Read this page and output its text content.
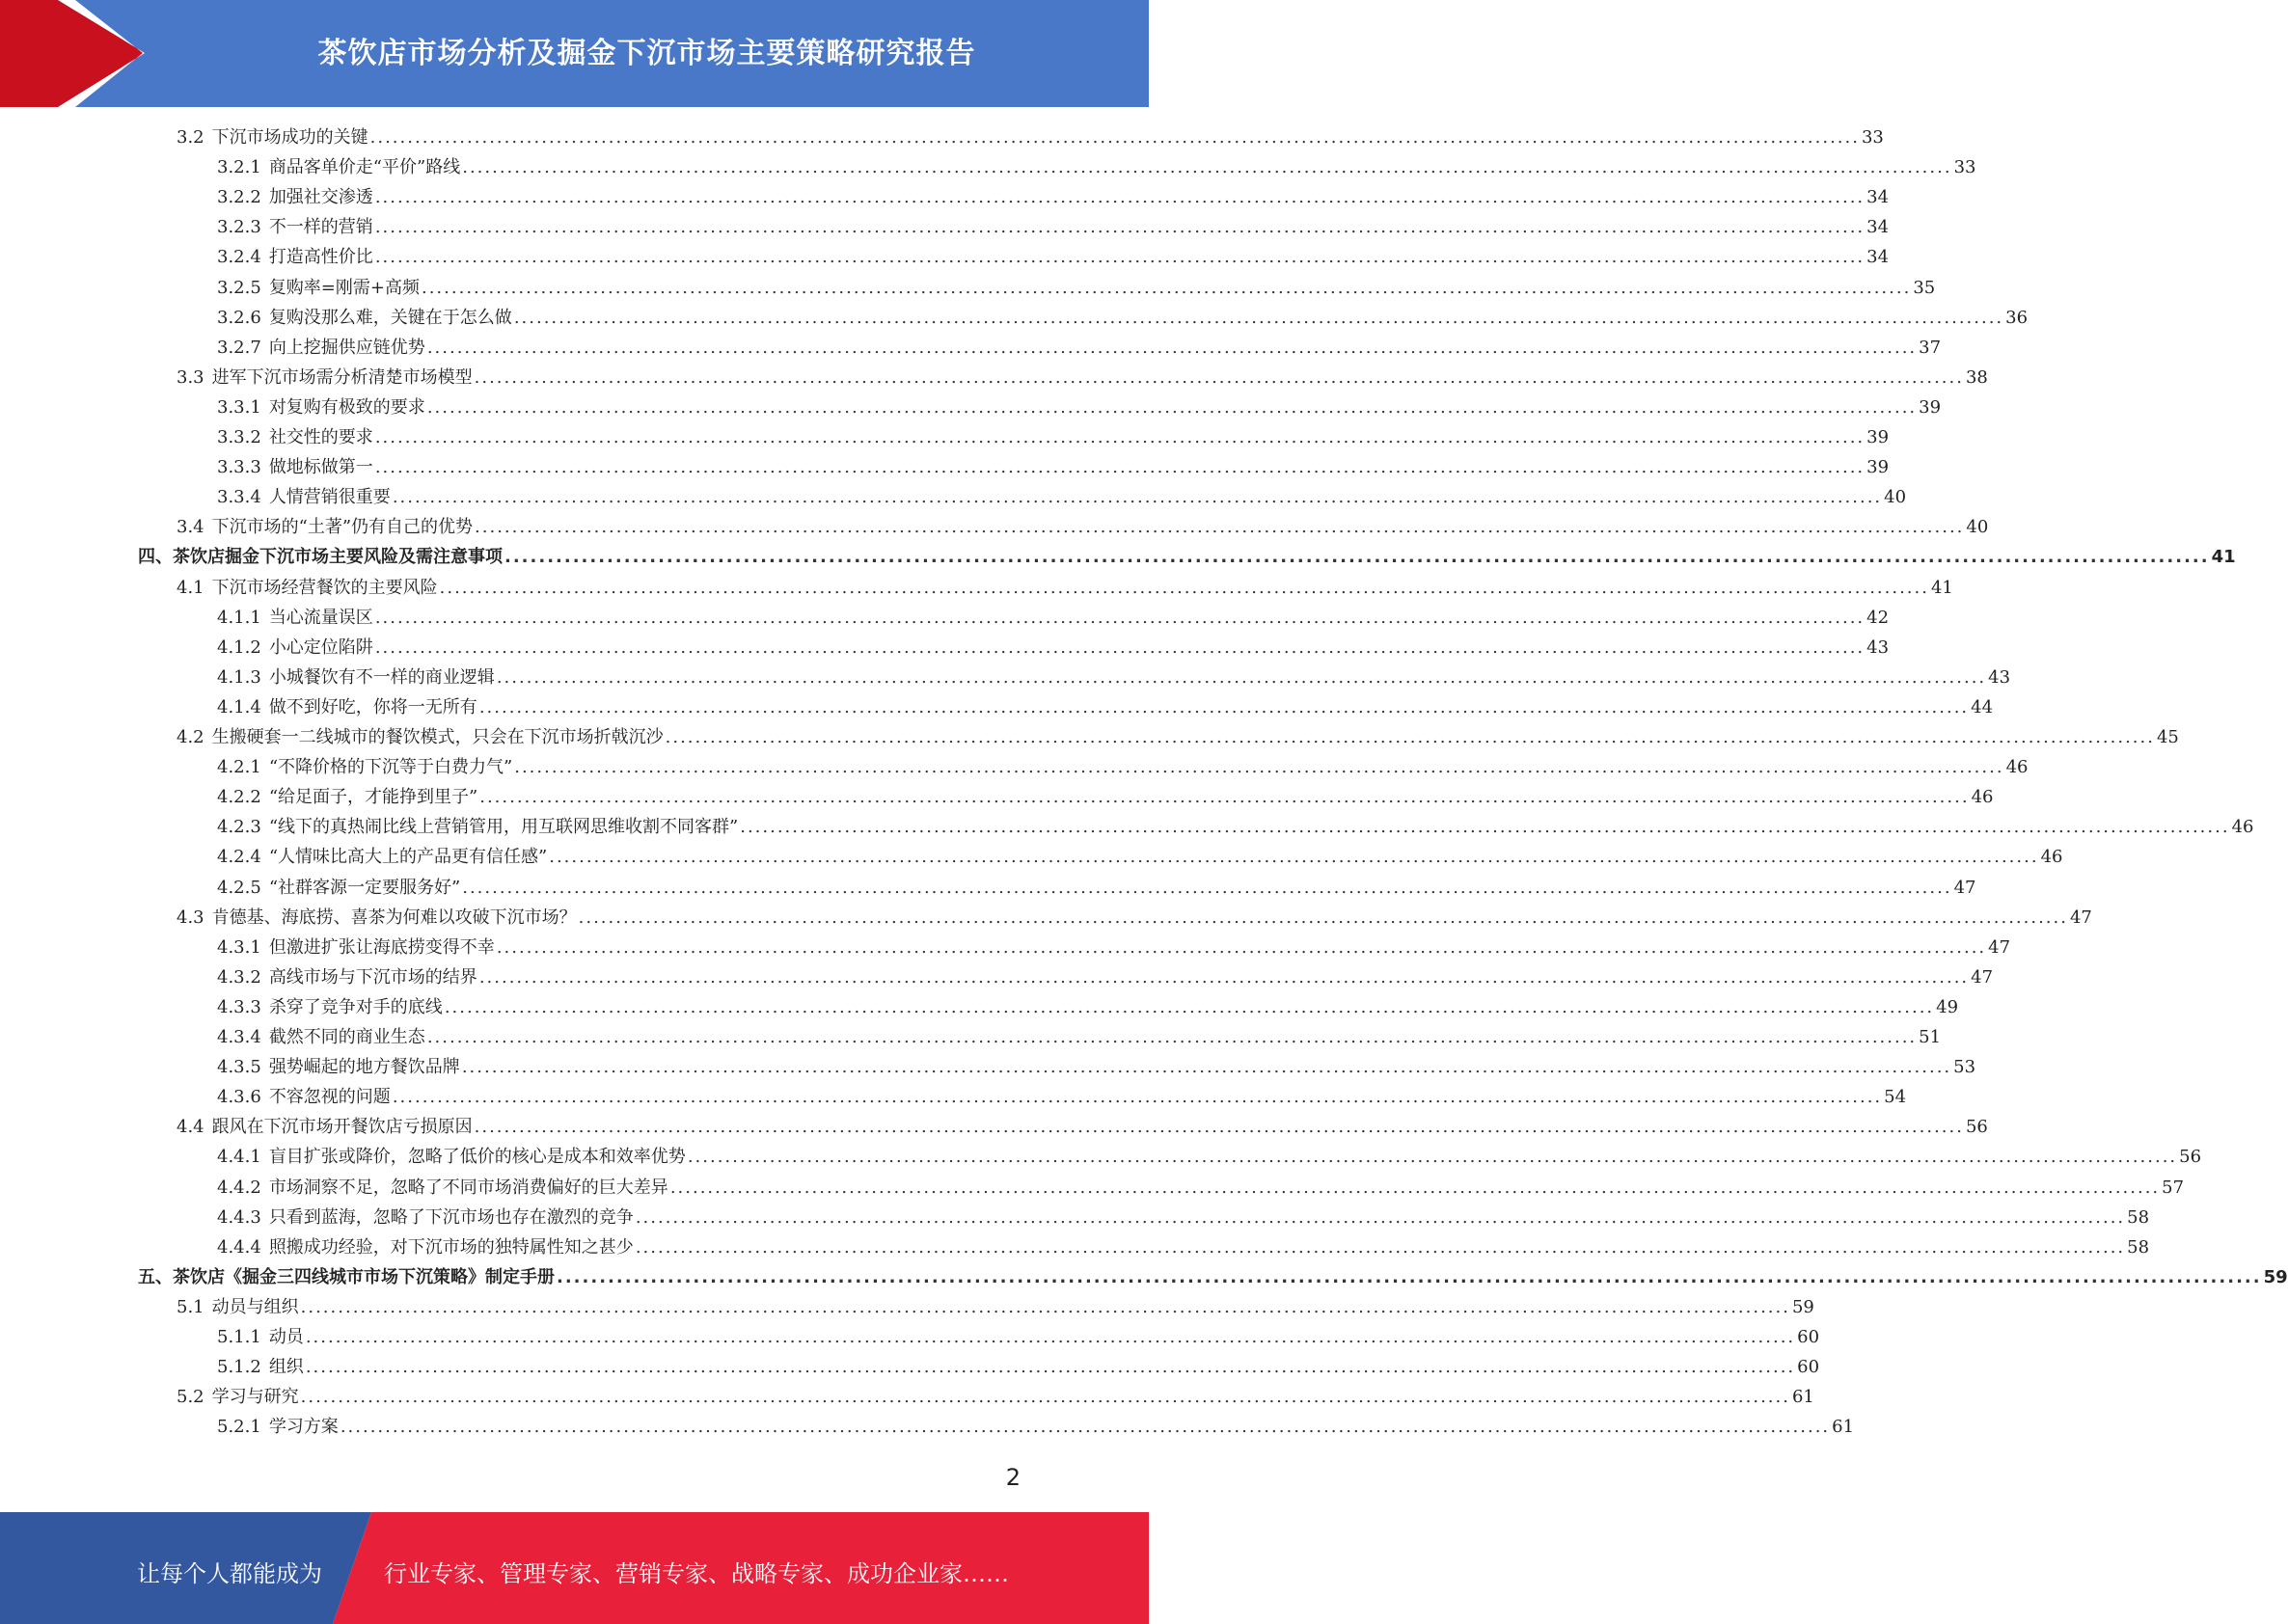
茶饮店市场分析及掘金下沉市场主要策略研究报告
3.2 下沉市场成功的关键 ........................................................................................................................................................................................................ 33
3.2.1 商品客单价走“平价”路线 ........................................................................................................................................................................................................ 33
3.2.2 加强社交渗透 ........................................................................................................................................................................................................ 34
3.2.3 不一样的营销 ........................................................................................................................................................................................................ 34
3.2.4 打造高性价比 ........................................................................................................................................................................................................ 34
3.2.5 复购率=刚需+高频 ........................................................................................................................................................................................................ 35
3.2.6 复购没那么难，关键在于怎么做 ........................................................................................................................................................................................................ 36
3.2.7 向上挖掘供应链优势 ........................................................................................................................................................................................................ 37
3.3 进军下沉市场需分析清楚市场模型 ........................................................................................................................................................................................................ 38
3.3.1 对复购有极致的要求 ........................................................................................................................................................................................................ 39
3.3.2 社交性的要求 ........................................................................................................................................................................................................ 39
3.3.3 做地标做第一 ........................................................................................................................................................................................................ 39
3.3.4 人情营销很重要 ........................................................................................................................................................................................................ 40
3.4 下沉市场的“土著”仍有自己的优势 ........................................................................................................................................................................................................ 40
四、 茶饮店掘金下沉市场主要风险及需注意事项 ........................................................................................................................................................................................................ 41
4.1 下沉市场经营餐饮的主要风险 ........................................................................................................................................................................................................ 41
4.1.1 当心流量误区 ........................................................................................................................................................................................................ 42
4.1.2 小心定位陷阱 ........................................................................................................................................................................................................ 43
4.1.3 小城餐饮有不一样的商业逻辑 ........................................................................................................................................................................................................ 43
4.1.4 做不到好吃，你将一无所有 ........................................................................................................................................................................................................ 44
4.2 生搬硬套一二线城市的餐饮模式，只会在下沉市场折戟沉沙 ........................................................................................................................................................................................................ 45
4.2.1 “不降价格的下沉等于白费力气” ........................................................................................................................................................................................................ 46
4.2.2 “给足面子，才能挣到里子” ........................................................................................................................................................................................................ 46
4.2.3 “线下的真热闹比线上营销管用，用互联网思维收割不同客群” ........................................................................................................................................................................................................ 46
4.2.4 “人情味比高大上的产品更有信任感” ........................................................................................................................................................................................................ 46
4.2.5 “社群客源一定要服务好” ........................................................................................................................................................................................................ 47
4.3 肯德基、海底捞、喜茶为何难以攻破下沉市场？ ........................................................................................................................................................................................................ 47
4.3.1 但激进扩张让海底捞变得不幸 ........................................................................................................................................................................................................ 47
4.3.2 高线市场与下沉市场的结界 ........................................................................................................................................................................................................ 47
4.3.3 杀穿了竞争对手的底线 ........................................................................................................................................................................................................ 49
4.3.4 截然不同的商业生态 ........................................................................................................................................................................................................ 51
4.3.5 强势崛起的地方餐饮品牌 ........................................................................................................................................................................................................ 53
4.3.6 不容忽视的问题 ........................................................................................................................................................................................................ 54
4.4 跟风在下沉市场开餐饮店亏损原因 ........................................................................................................................................................................................................ 56
4.4.1 盲目扩张或降价，忽略了低价的核心是成本和效率优势 ........................................................................................................................................................................................................ 56
4.4.2 市场洞察不足，忽略了不同市场消费偏好的巨大差异 ........................................................................................................................................................................................................ 57
4.4.3 只看到蓝海，忽略了下沉市场也存在激烈的竞争 ........................................................................................................................................................................................................ 58
4.4.4 照搬成功经验，对下沉市场的独特属性知之甚少 ........................................................................................................................................................................................................ 58
五、 茶饮店《掘金三四线城市市场下沉策略》制定手册 ........................................................................................................................................................................................................ 59
5.1 动员与组织 ........................................................................................................................................................................................................ 59
5.1.1 动员 ........................................................................................................................................................................................................ 60
5.1.2 组织 ........................................................................................................................................................................................................ 60
5.2 学习与研究 ........................................................................................................................................................................................................ 61
5.2.1 学习方案 ........................................................................................................................................................................................................ 61
2
让每个人都能成为	行业专家、管理专家、营销专家、战略专家、成功企业家……
